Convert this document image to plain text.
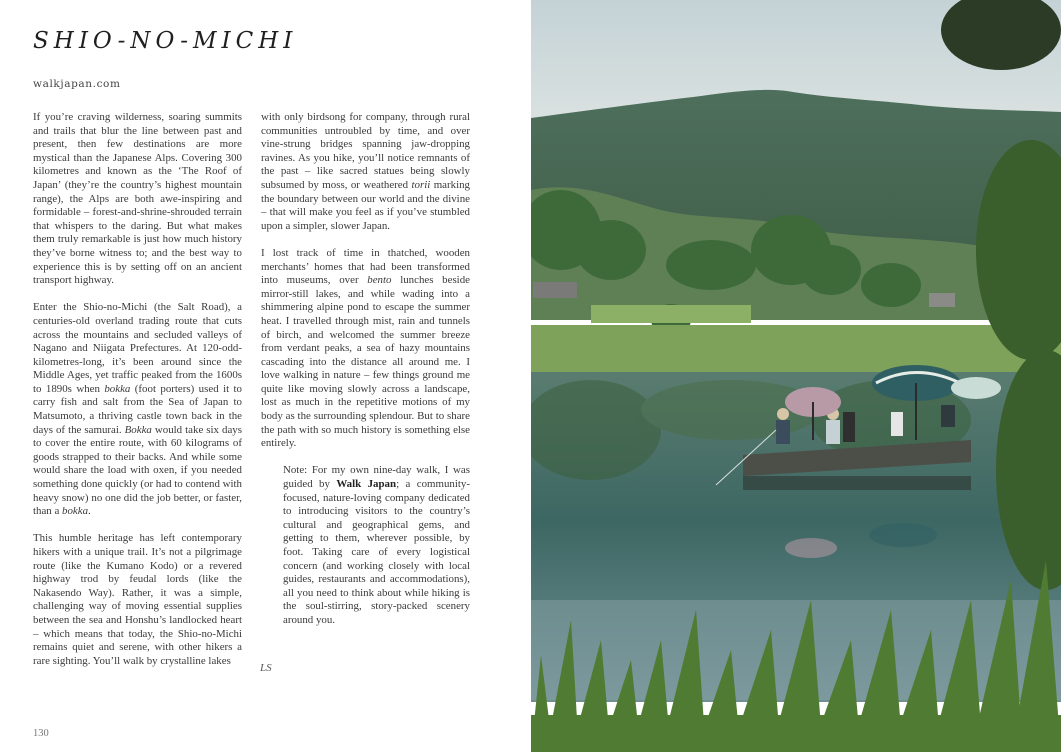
SHIO-NO-MICHI
walkjapan.com

If you’re craving wilderness, soaring summits and trails that blur the line between past and present, then few destinations are more mystical than the Japanese Alps. Covering 300 kilometres and known as the ‘The Roof of Japan’ (they’re the country’s highest mountain range), the Alps are both awe-inspiring and formidable – forest-and-shrine-shrouded terrain that whispers to the daring. But what makes them truly remarkable is just how much history they’ve borne witness to; and the best way to experience this is by setting off on an ancient transport highway.

Enter the Shio-no-Michi (the Salt Road), a centuries-old overland trading route that cuts across the mountains and secluded valleys of Nagano and Niigata Prefectures. At 120-odd-kilometres-long, it’s been around since the Middle Ages, yet traffic peaked from the 1600s to 1890s when bokka (foot porters) used it to carry fish and salt from the Sea of Japan to Matsumoto, a thriving castle town back in the days of the samurai. Bokka would take six days to cover the entire route, with 60 kilograms of goods strapped to their backs. And while some would share the load with oxen, if you needed something done quickly (or had to contend with heavy snow) no one did the job better, or faster, than a bokka.

This humble heritage has left contemporary hikers with a unique trail. It’s not a pilgrimage route (like the Kumano Kodo) or a revered highway trod by feudal lords (like the Nakasendo Way). Rather, it was a simple, challenging way of moving essential supplies between the sea and Honshu’s landlocked heart – which means that today, the Shio-no-Michi remains quiet and serene, with other hikers a rare sighting. You’ll walk by crystalline lakes

with only birdsong for company, through rural communities untroubled by time, and over vine-strung bridges spanning jaw-dropping ravines. As you hike, you’ll notice remnants of the past – like sacred statues being slowly subsumed by moss, or weathered torii marking the boundary between our world and the divine – that will make you feel as if you’ve stumbled upon a simpler, slower Japan.

I lost track of time in thatched, wooden merchants’ homes that had been transformed into museums, over bento lunches beside mirror-still lakes, and while wading into a shimmering alpine pond to escape the summer heat. I travelled through mist, rain and tunnels of birch, and welcomed the summer breeze from verdant peaks, a sea of hazy mountains cascading into the distance all around me. I love walking in nature – few things ground me quite like moving slowly across a landscape, lost as much in the repetitive motions of my body as the surrounding splendour. But to share the path with so much history is something else entirely.

Note: For my own nine-day walk, I was guided by Walk Japan; a community-focused, nature-loving company dedicated to introducing visitors to the country’s cultural and geographical gems, and getting to them, wherever possible, by foot. Taking care of every logistical concern (and working closely with local guides, restaurants and accommodations), all you need to think about while hiking is the soul-stirring, story-packed scenery around you.

LS
130
